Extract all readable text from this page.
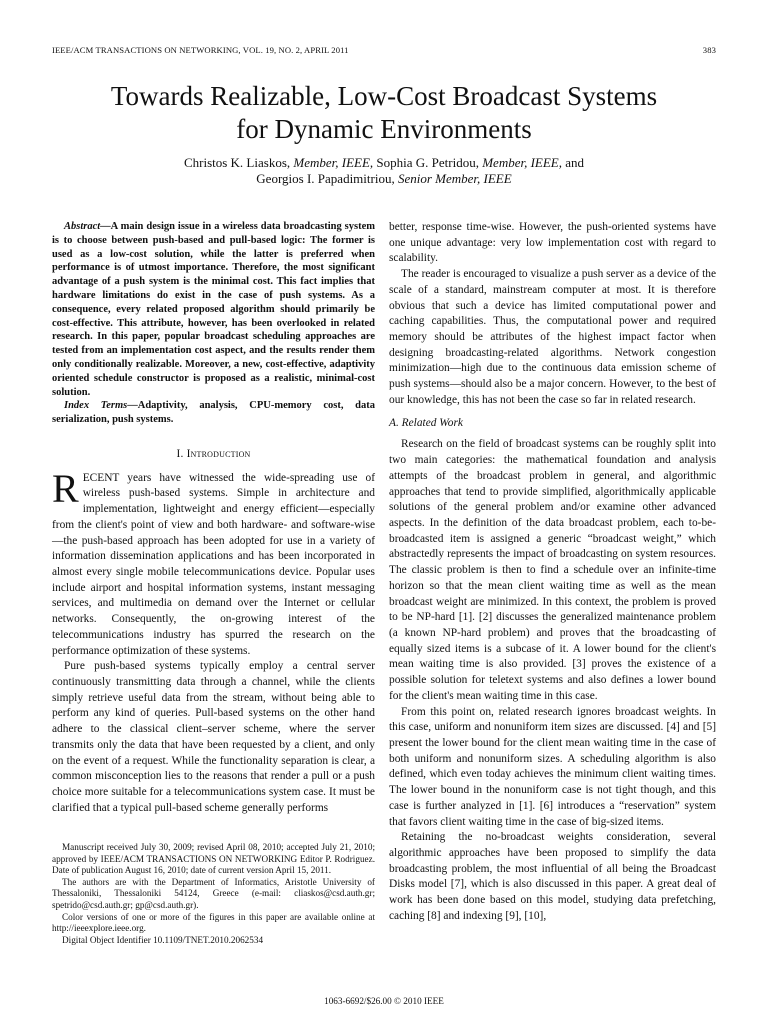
IEEE/ACM TRANSACTIONS ON NETWORKING, VOL. 19, NO. 2, APRIL 2011	383
Towards Realizable, Low-Cost Broadcast Systems
for Dynamic Environments
Christos K. Liaskos, Member, IEEE, Sophia G. Petridou, Member, IEEE, and
Georgios I. Papadimitriou, Senior Member, IEEE

Abstract—A main design issue in a wireless data broadcasting system is to choose between push-based and pull-based logic: The former is used as a low-cost solution, while the latter is preferred when performance is of utmost importance. Therefore, the most significant advantage of a push system is the minimal cost. This fact implies that hardware limitations do exist in the case of push systems. As a consequence, every related proposed algorithm should primarily be cost-effective. This attribute, however, has been overlooked in related research. In this paper, popular broadcast scheduling approaches are tested from an implementation cost aspect, and the results render them only conditionally realizable. Moreover, a new, cost-effective, adaptivity oriented schedule constructor is proposed as a realistic, minimal-cost solution.

Index Terms—Adaptivity, analysis, CPU-memory cost, data serialization, push systems.

I. Introduction

RECENT years have witnessed the wide-spreading use of wireless push-based systems. Simple in architecture and implementation, lightweight and energy efficient—especially from the client's point of view and both hardware- and software-wise—the push-based approach has been adopted for use in a variety of information dissemination applications and has been incorporated in almost every single mobile telecommunications device. Popular uses include airport and hospital information systems, instant messaging services, and multimedia on demand over the Internet or cellular networks. Consequently, the on-growing interest of the telecommunications industry has spurred the research on the performance optimization of these systems.

Pure push-based systems typically employ a central server continuously transmitting data through a channel, while the clients simply retrieve useful data from the stream, without being able to perform any kind of queries. Pull-based systems on the other hand adhere to the classical client–server scheme, where the server transmits only the data that have been requested by a client, and only on the event of a request. While the functionality separation is clear, a common misconception lies to the reasons that render a pull or a push choice more suitable for a telecommunications system case. It must be clarified that a typical pull-based scheme generally performs

Manuscript received July 30, 2009; revised April 08, 2010; accepted July 21, 2010; approved by IEEE/ACM TRANSACTIONS ON NETWORKING Editor P. Rodriguez. Date of publication August 16, 2010; date of current version April 15, 2011.

The authors are with the Department of Informatics, Aristotle University of Thessaloniki, Thessaloniki 54124, Greece (e-mail: cliaskos@csd.auth.gr; spetrido@csd.auth.gr; gp@csd.auth.gr).

Color versions of one or more of the figures in this paper are available online at http://ieeexplore.ieee.org.

Digital Object Identifier 10.1109/TNET.2010.2062534

better, response time-wise. However, the push-oriented systems have one unique advantage: very low implementation cost with regard to scalability.

The reader is encouraged to visualize a push server as a device of the scale of a standard, mainstream computer at most. It is therefore obvious that such a device has limited computational power and caching capabilities. Thus, the computational power and required memory should be attributes of the highest impact factor when designing broadcasting-related algorithms. Network congestion minimization—high due to the continuous data emission scheme of push systems—should also be a major concern. However, to the best of our knowledge, this has not been the case so far in related research.

A. Related Work

Research on the field of broadcast systems can be roughly split into two main categories: the mathematical foundation and analysis attempts of the broadcast problem in general, and algorithmic approaches that tend to provide simplified, algorithmically applicable solutions of the general problem and/or examine other advanced aspects. In the definition of the data broadcast problem, each to-be-broadcasted item is assigned a generic “broadcast weight,” which abstractedly represents the impact of broadcasting on system resources. The classic problem is then to find a schedule over an infinite-time horizon so that the mean client waiting time as well as the mean broadcast weight are minimized. In this context, the problem is proved to be NP-hard [1]. [2] discusses the generalized maintenance problem (a known NP-hard problem) and proves that the broadcasting of equally sized items is a subcase of it. A lower bound for the client's mean waiting time is also provided. [3] proves the existence of a possible solution for teletext systems and also defines a lower bound for the client's mean waiting time in this case.

From this point on, related research ignores broadcast weights. In this case, uniform and nonuniform item sizes are discussed. [4] and [5] present the lower bound for the client mean waiting time in the case of both uniform and nonuniform sizes. A scheduling algorithm is also defined, which even today achieves the minimum client waiting times. The lower bound in the nonuniform case is not tight though, and this case is further analyzed in [1]. [6] introduces a “reservation” system that favors client waiting time in the case of big-sized items.

Retaining the no-broadcast weights consideration, several algorithmic approaches have been proposed to simplify the data broadcasting problem, the most influential of all being the Broadcast Disks model [7], which is also discussed in this paper. A great deal of work has been done based on this model, studying data prefetching, caching [8] and indexing [9], [10],

1063-6692/$26.00 © 2010 IEEE
